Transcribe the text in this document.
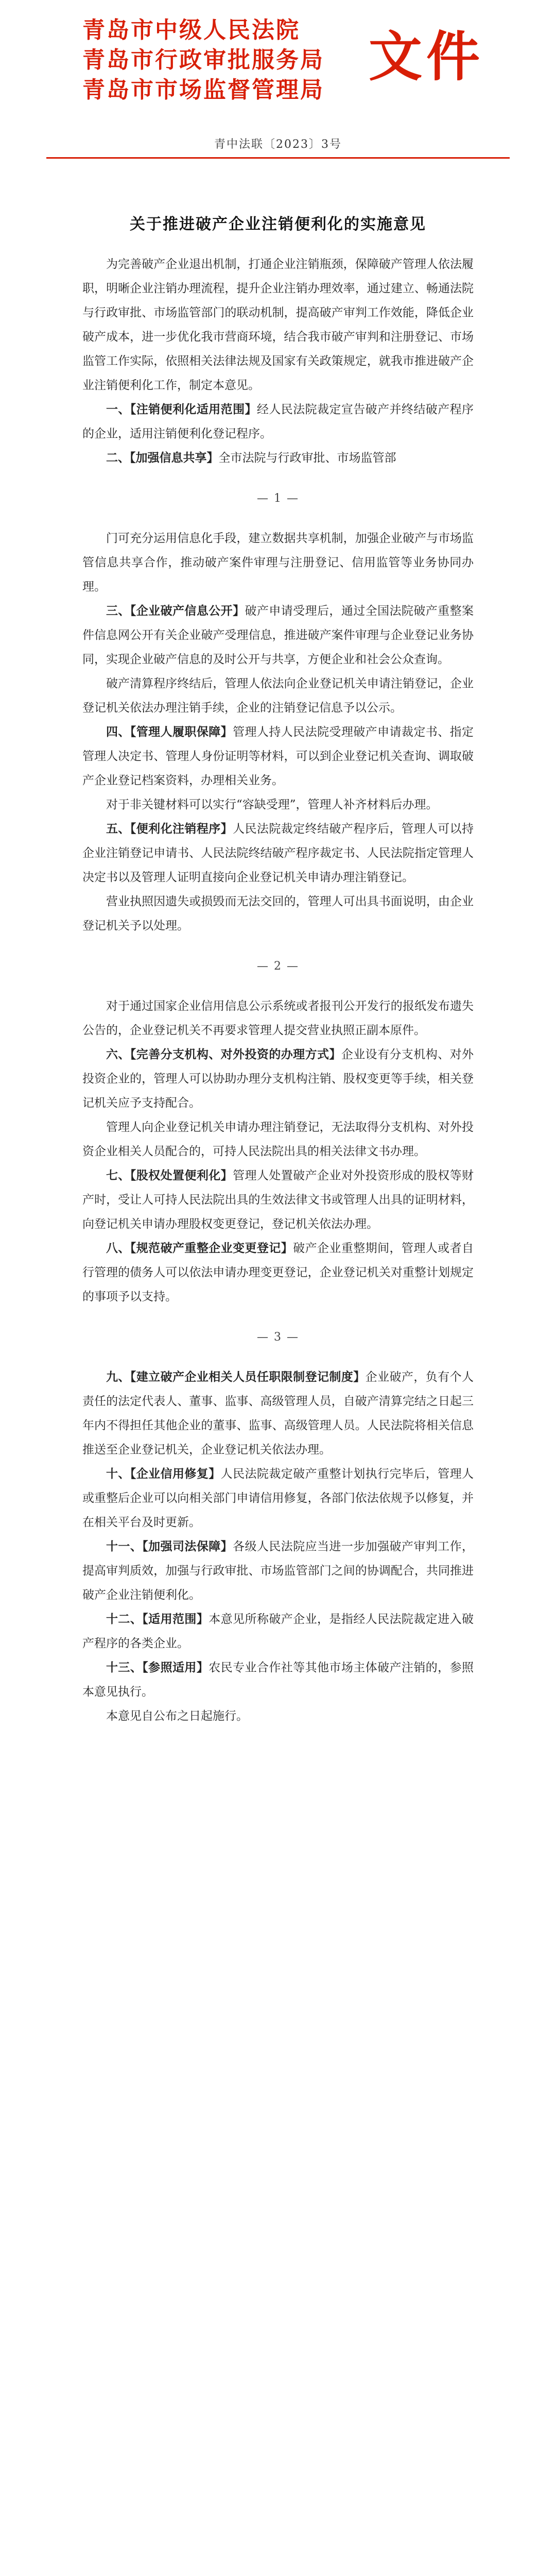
青岛市中级人民法院
青岛市行政审批服务局
青岛市市场监督管理局
文件
青中法联〔2023〕3号
关于推进破产企业注销便利化的实施意见

为完善破产企业退出机制，打通企业注销瓶颈，保障破产管理人依法履职，明晰企业注销办理流程，提升企业注销办理效率，通过建立、畅通法院与行政审批、市场监管部门的联动机制，提高破产审判工作效能，降低企业破产成本，进一步优化我市营商环境，结合我市破产审判和注册登记、市场监管工作实际，依照相关法律法规及国家有关政策规定，就我市推进破产企业注销便利化工作，制定本意见。

一、【注销便利化适用范围】经人民法院裁定宣告破产并终结破产程序的企业，适用注销便利化登记程序。

二、【加强信息共享】全市法院与行政审批、市场监管部

— 1 —

门可充分运用信息化手段，建立数据共享机制，加强企业破产与市场监管信息共享合作，推动破产案件审理与注册登记、信用监管等业务协同办理。

三、【企业破产信息公开】破产申请受理后，通过全国法院破产重整案件信息网公开有关企业破产受理信息，推进破产案件审理与企业登记业务协同，实现企业破产信息的及时公开与共享，方便企业和社会公众查询。

破产清算程序终结后，管理人依法向企业登记机关申请注销登记，企业登记机关依法办理注销手续，企业的注销登记信息予以公示。

四、【管理人履职保障】管理人持人民法院受理破产申请裁定书、指定管理人决定书、管理人身份证明等材料，可以到企业登记机关查询、调取破产企业登记档案资料，办理相关业务。

对于非关键材料可以实行“容缺受理”，管理人补齐材料后办理。

五、【便利化注销程序】人民法院裁定终结破产程序后，管理人可以持企业注销登记申请书、人民法院终结破产程序裁定书、人民法院指定管理人决定书以及管理人证明直接向企业登记机关申请办理注销登记。

营业执照因遗失或损毁而无法交回的，管理人可出具书面说明，由企业登记机关予以处理。

— 2 —

对于通过国家企业信用信息公示系统或者报刊公开发行的报纸发布遗失公告的，企业登记机关不再要求管理人提交营业执照正副本原件。

六、【完善分支机构、对外投资的办理方式】企业设有分支机构、对外投资企业的，管理人可以协助办理分支机构注销、股权变更等手续，相关登记机关应予支持配合。

管理人向企业登记机关申请办理注销登记，无法取得分支机构、对外投资企业相关人员配合的，可持人民法院出具的相关法律文书办理。

七、【股权处置便利化】管理人处置破产企业对外投资形成的股权等财产时，受让人可持人民法院出具的生效法律文书或管理人出具的证明材料，向登记机关申请办理股权变更登记，登记机关依法办理。

八、【规范破产重整企业变更登记】破产企业重整期间，管理人或者自行管理的债务人可以依法申请办理变更登记，企业登记机关对重整计划规定的事项予以支持。

— 3 —

九、【建立破产企业相关人员任职限制登记制度】企业破产，负有个人责任的法定代表人、董事、监事、高级管理人员，自破产清算完结之日起三年内不得担任其他企业的董事、监事、高级管理人员。人民法院将相关信息推送至企业登记机关，企业登记机关依法办理。

十、【企业信用修复】人民法院裁定破产重整计划执行完毕后，管理人或重整后企业可以向相关部门申请信用修复，各部门依法依规予以修复，并在相关平台及时更新。

十一、【加强司法保障】各级人民法院应当进一步加强破产审判工作，提高审判质效，加强与行政审批、市场监管部门之间的协调配合，共同推进破产企业注销便利化。

十二、【适用范围】本意见所称破产企业，是指经人民法院裁定进入破产程序的各类企业。

十三、【参照适用】农民专业合作社等其他市场主体破产注销的，参照本意见执行。

本意见自公布之日起施行。
